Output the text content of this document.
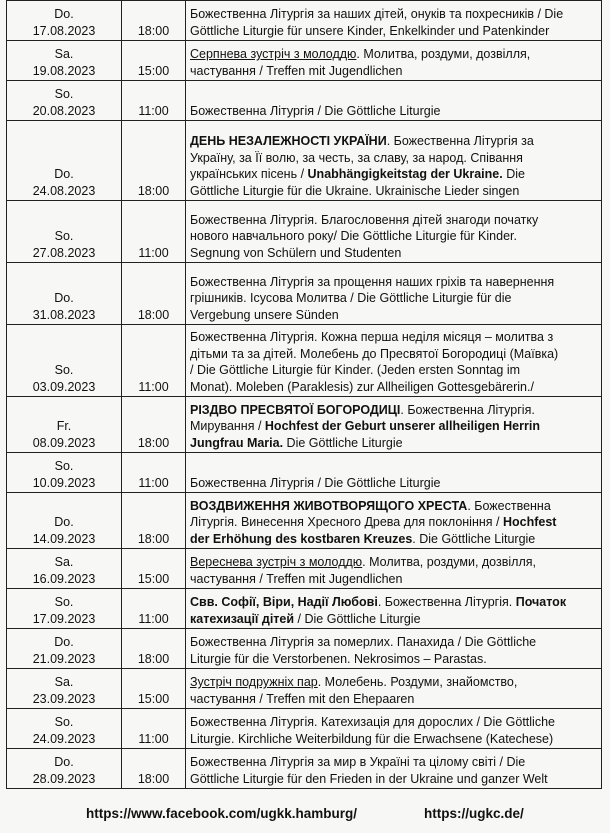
Do.
17.08.2023	18:00	Божественна Літургія за наших дітей, онуків та похресників / Die
Göttliche Liturgie für unsere Kinder, Enkelkinder und Patenkinder

Sa.
19.08.2023	15:00	Серпнева зустріч з молоддю. Молитва, роздуми, дозвілля,
частування / Treffen mit Jugendlichen

So.
20.08.2023	11:00	Божественна Літургія / Die Göttliche Liturgie

Do.
24.08.2023	18:00	ДЕНЬ НЕЗАЛЕЖНОСТІ УКРАЇНИ. Божественна Літургія за
Україну, за Її волю, за честь, за славу, за народ. Співання
українських пісень / Unabhängigkeitstag der Ukraine. Die
Göttliche Liturgie für die Ukraine. Ukrainische Lieder singen

So.
27.08.2023	11:00	Божественна Літургія. Благословення дітей знагоди початку
нового навчального року/ Die Göttliche Liturgie für Kinder.
Segnung von Schülern und Studenten

Do.
31.08.2023	18:00	Божественна Літургія за прощення наших гріхів та навернення
грішників. Ісусова Молитва / Die Göttliche Liturgie für die
Vergebung unsere Sünden

So.
03.09.2023	11:00	Божественна Літургія. Кожна перша неділя місяця – молитва з
дітьми та за дітей. Молебень до Пресвятої Богородиці (Маївка)
/ Die Göttliche Liturgie für Kinder. (Jeden ersten Sonntag im
Monat). Moleben (Paraklesis) zur Allheiligen Gottesgebärerin./

Fr.
08.09.2023	18:00	РІЗДВО ПРЕСВЯТОЇ БОГОРОДИЦІ. Божественна Літургія.
Мирування / Hochfest der Geburt unserer allheiligen Herrin
Jungfrau Maria. Die Göttliche Liturgie

So.
10.09.2023	11:00	Божественна Літургія / Die Göttliche Liturgie

Do.
14.09.2023	18:00	ВОЗДВИЖЕННЯ ЖИВОТВОРЯЩОГО ХРЕСТА. Божественна
Літургія. Винесення Хресного Древа для поклоніння / Hochfest
der Erhöhung des kostbaren Kreuzes. Die Göttliche Liturgie

Sa.
16.09.2023	15:00	Вереснева зустріч з молоддю. Молитва, роздуми, дозвілля,
частування / Treffen mit Jugendlichen

So.
17.09.2023	11:00	Свв. Софії, Віри, Надії Любові. Божественна Літургія. Початок
катехизації дітей / Die Göttliche Liturgie

Do.
21.09.2023	18:00	Божественна Літургія за померлих. Панахида / Die Göttliche
Liturgie für die Verstorbenen. Nekrosimos – Parastas.

Sa.
23.09.2023	15:00	Зустріч подружніх пар. Молебень. Роздуми, знайомство,
частування / Treffen mit den Ehepaaren

So.
24.09.2023	11:00	Божественна Літургія. Катехизація для дорослих / Die Göttliche
Liturgie. Kirchliche Weiterbildung für die Erwachsene (Katechese)

Do.
28.09.2023	18:00	Божественна Літургія за мир в Україні та цілому світі / Die
Göttliche Liturgie für den Frieden in der Ukraine und ganzer Welt
https://www.facebook.com/ugkk.hamburg/	https://ugkc.de/
